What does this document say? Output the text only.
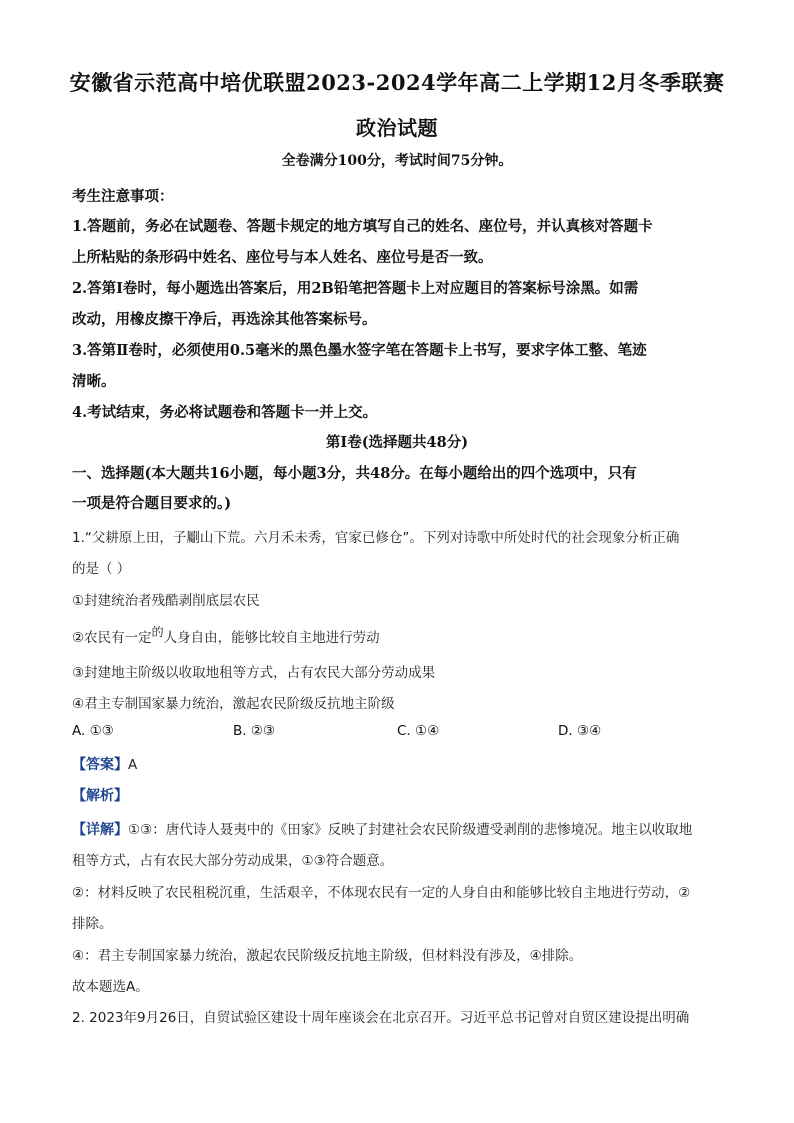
安徽省示范高中培优联盟2023-2024学年高二上学期12月冬季联赛
政治试题
全卷满分100分，考试时间75分钟。
考生注意事项：
1.答题前，务必在试题卷、答题卡规定的地方填写自己的姓名、座位号，并认真核对答题卡
上所粘贴的条形码中姓名、座位号与本人姓名、座位号是否一致。
2.答第Ⅰ卷时，每小题选出答案后，用2B铅笔把答题卡上对应题目的答案标号涂黑。如需
改动，用橡皮擦干净后，再选涂其他答案标号。
3.答第Ⅱ卷时，必须使用0.5毫米的黑色墨水签字笔在答题卡上书写，要求字体工整、笔迹
清晰。
4.考试结束，务必将试题卷和答题卡一并上交。
第Ⅰ卷(选择题共48分)
一、选择题(本大题共16小题，每小题3分，共48分。在每小题给出的四个选项中，只有
一项是符合题目要求的。)
1.“父耕原上田，子劚山下荒。六月禾未秀，官家已修仓”。下列对诗歌中所处时代的社会现象分析正确
的是（ ）
①封建统治者残酷剥削底层农民
②农民有一定的人身自由，能够比较自主地进行劳动
③封建地主阶级以收取地租等方式，占有农民大部分劳动成果
④君主专制国家暴力统治，激起农民阶级反抗地主阶级
A. ①③	B. ②③	C. ①④	D. ③④
【答案】A
【解析】
【详解】①③：唐代诗人聂夷中的《田家》反映了封建社会农民阶级遭受剥削的悲惨境况。地主以收取地
租等方式，占有农民大部分劳动成果，①③符合题意。
②：材料反映了农民租税沉重，生活艰辛，不体现农民有一定的人身自由和能够比较自主地进行劳动，②
排除。
④：君主专制国家暴力统治，激起农民阶级反抗地主阶级，但材料没有涉及，④排除。
故本题选A。
2. 2023年9月26日，自贸试验区建设十周年座谈会在北京召开。习近平总书记曾对自贸区建设提出明确
